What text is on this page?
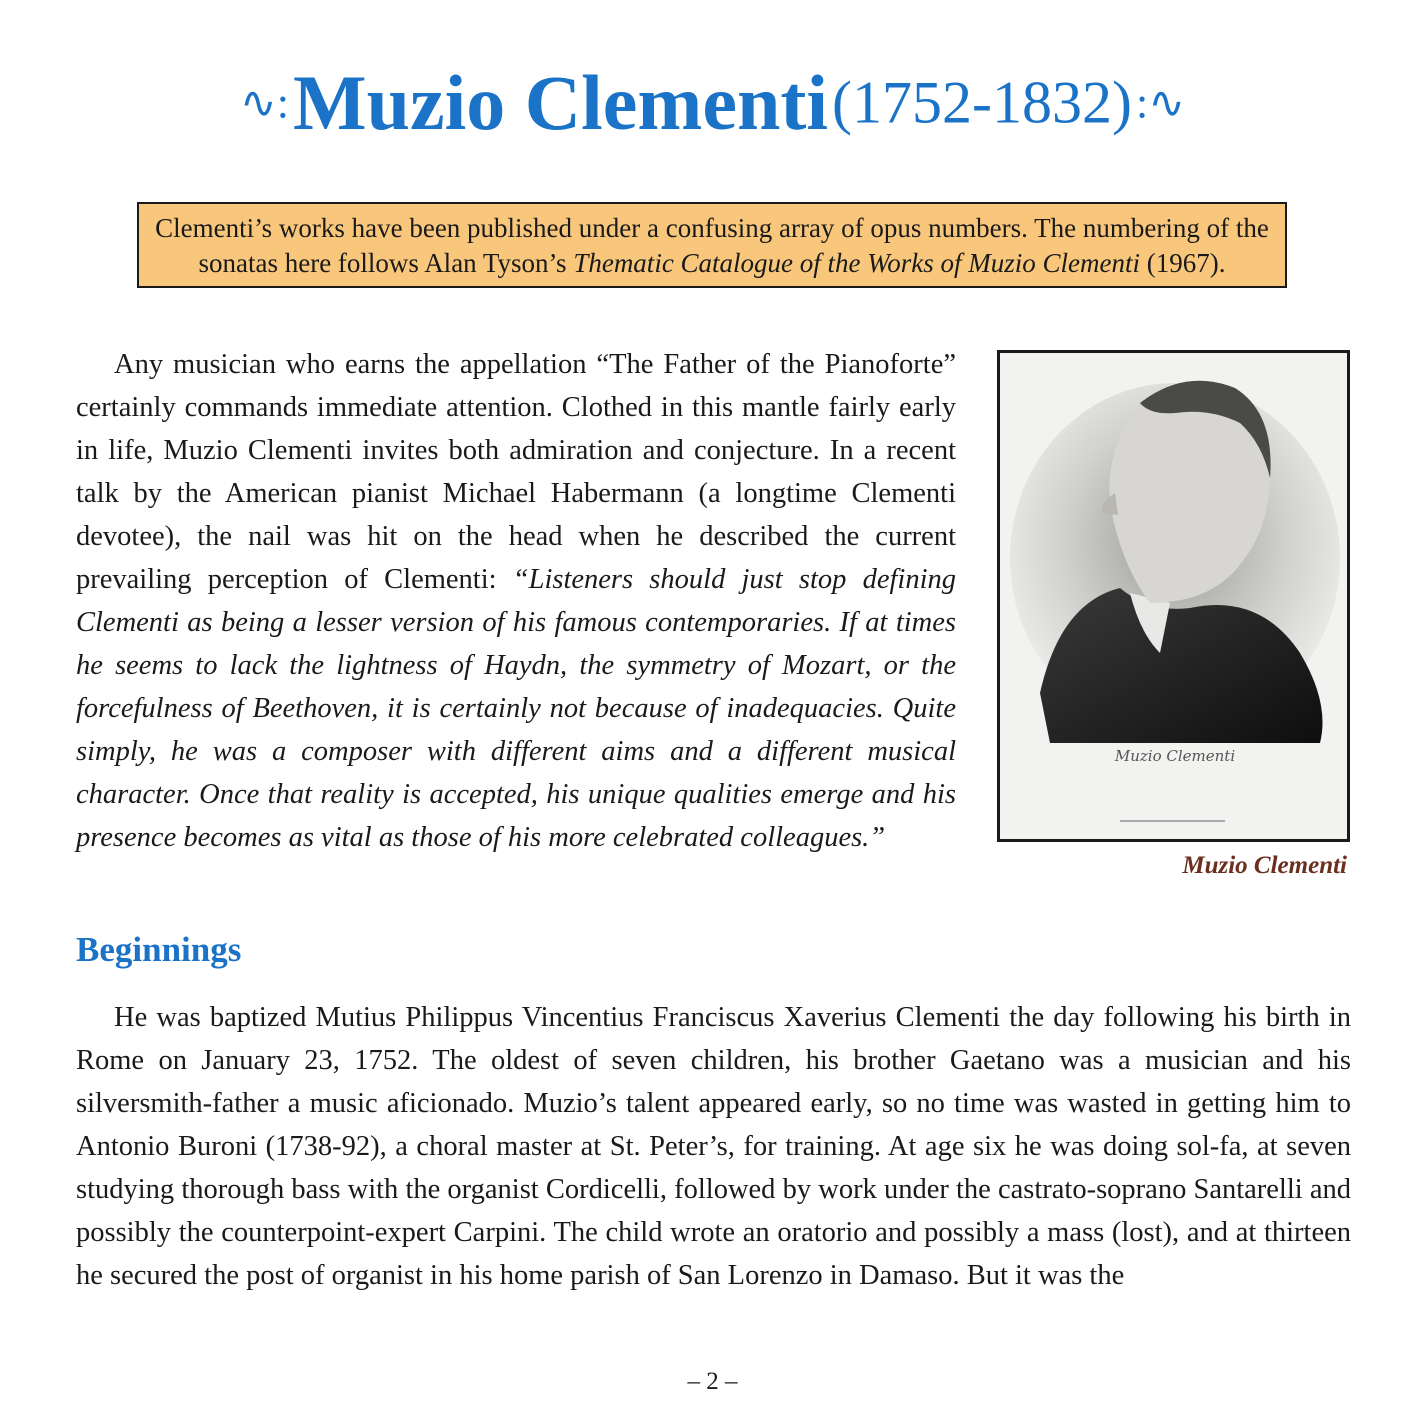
∿: Muzio Clementi (1752-1832) :∿
Clementi’s works have been published under a confusing array of opus numbers. The numbering of the sonatas here follows Alan Tyson’s Thematic Catalogue of the Works of Muzio Clementi (1967).

Any musician who earns the appellation “The Father of the Pianoforte” certainly commands immediate attention. Clothed in this mantle fairly early in life, Muzio Clementi invites both admiration and conjecture. In a recent talk by the American pianist Michael Habermann (a longtime Clementi devotee), the nail was hit on the head when he described the current prevailing perception of Clementi: “Listeners should just stop defining Clementi as being a lesser version of his famous contemporaries. If at times he seems to lack the lightness of Haydn, the symmetry of Mozart, or the forcefulness of Beethoven, it is certainly not because of inadequacies. Quite simply, he was a composer with different aims and a different musical character. Once that reality is accepted, his unique qualities emerge and his presence becomes as vital as those of his more celebrated colleagues.”

Muzio Clementi
Muzio Clementi
Beginnings

He was baptized Mutius Philippus Vincentius Franciscus Xaverius Clementi the day following his birth in Rome on January 23, 1752. The oldest of seven children, his brother Gaetano was a musician and his silversmith-father a music aficionado. Muzio’s talent appeared early, so no time was wasted in getting him to Antonio Buroni (1738-92), a choral master at St. Peter’s, for training. At age six he was doing sol-fa, at seven studying thorough bass with the organist Cordicelli, followed by work under the castrato-soprano Santarelli and possibly the counterpoint-expert Carpini. The child wrote an oratorio and possibly a mass (lost), and at thirteen he secured the post of organist in his home parish of San Lorenzo in Damaso. But it was the

– 2 –
